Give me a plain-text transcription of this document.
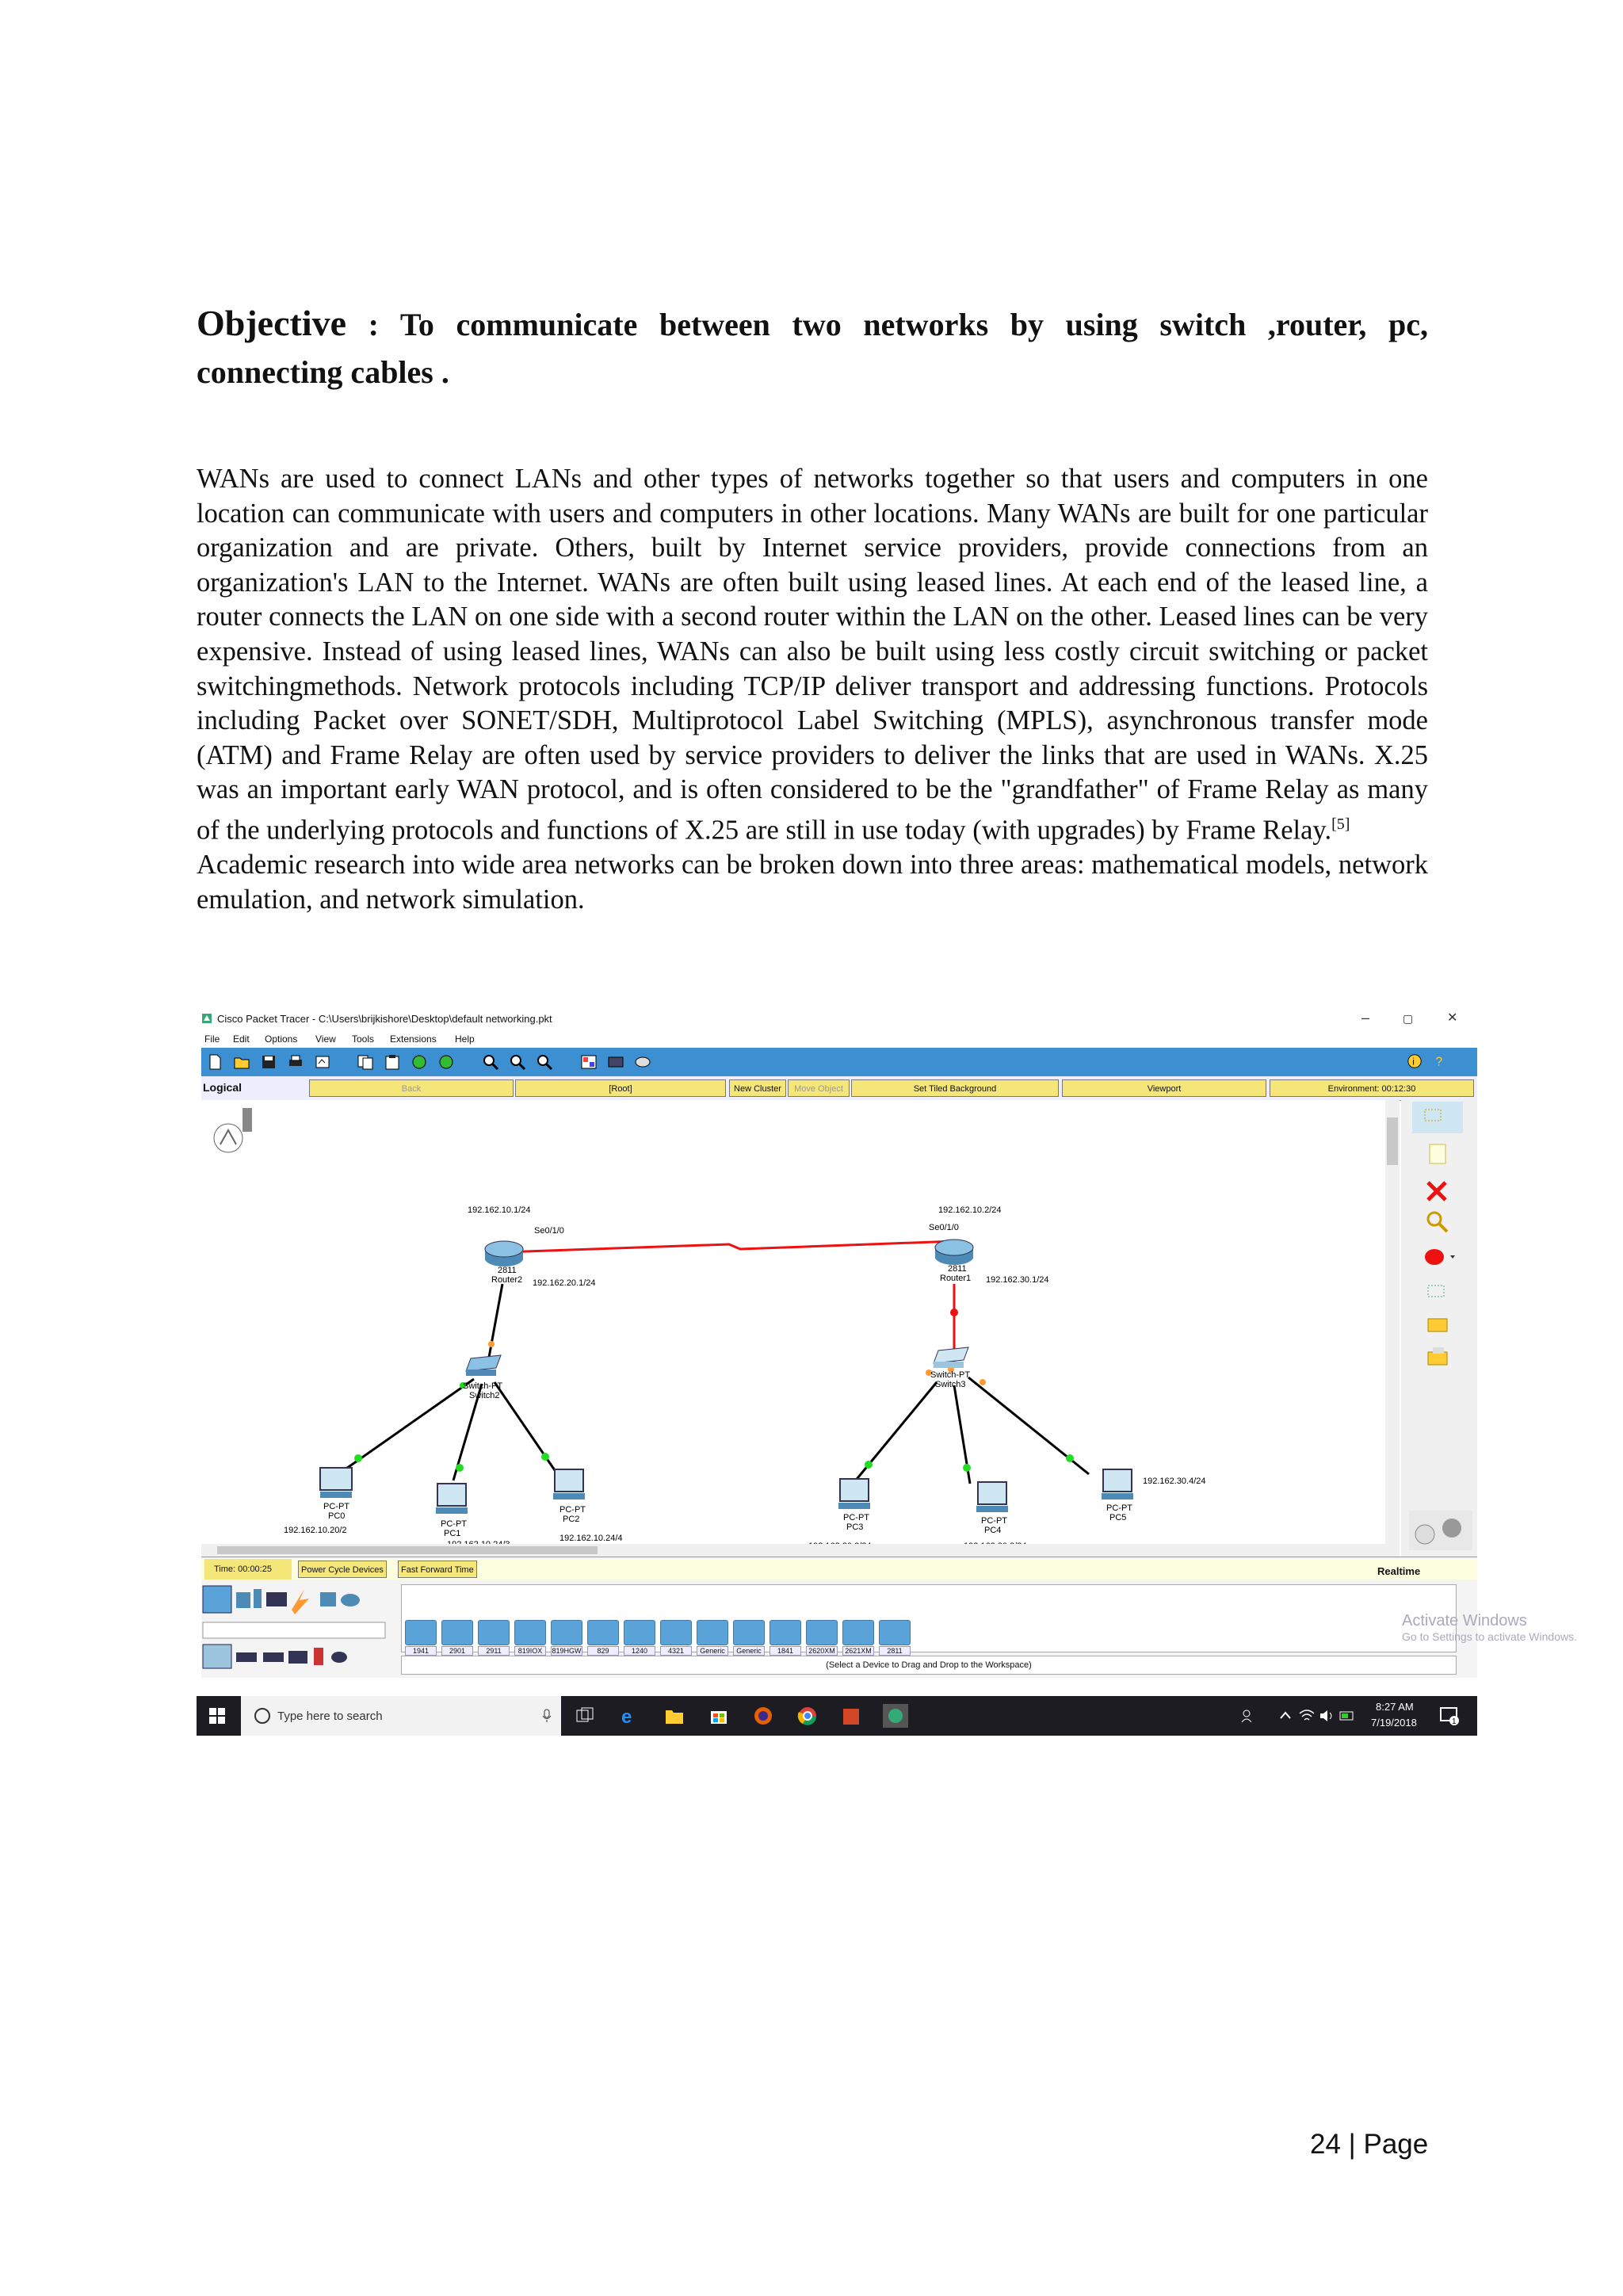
Objective : To communicate between two networks by using switch ,router, pc, connecting cables .

WANs are used to connect LANs and other types of networks together so that users and computers in one location can communicate with users and computers in other locations. Many WANs are built for one particular organization and are private. Others, built by Internet service providers, provide connections from an organization's LAN to the Internet. WANs are often built using leased lines. At each end of the leased line, a router connects the LAN on one side with a second router within the LAN on the other. Leased lines can be very expensive. Instead of using leased lines, WANs can also be built using less costly circuit switching or packet switchingmethods. Network protocols including TCP/IP deliver transport and addressing functions. Protocols including Packet over SONET/SDH, Multiprotocol Label Switching (MPLS), asynchronous transfer mode (ATM) and Frame Relay are often used by service providers to deliver the links that are used in WANs. X.25 was an important early WAN protocol, and is often considered to be the "grandfather" of Frame Relay as many of the underlying protocols and functions of X.25 are still in use today (with upgrades) by Frame Relay.[5]

Academic research into wide area networks can be broken down into three areas: mathematical models, network emulation, and network simulation.

Cisco Packet Tracer - C:\Users\brijkishore\Desktop\default networking.pkt	–	▢	✕
File Edit Options View Tools Extensions Help
i ?
Logical	Back	[Root]	New Cluster	Move Object	Set Tiled Background	Viewport	Environment: 00:12:30
192.162.10.1/24	192.162.10.2/24
Se0/1/0	Se0/1/0
2811
Router2 192.162.20.1/24
2811
Router1 192.162.30.1/24
Switch-PT
Switch2
Switch-PT
Switch3
PC-PT
PC0
192.162.10.20/2
PC-PT
PC1
PC-PT
PC2
192.162.10.24/4
PC-PT
PC3
PC-PT
PC4
PC-PT
PC5
192.162.30.4/24
Time: 00:00:25	Power Cycle Devices	Fast Forward Time	Realtime
1941	2901	2911	819IOX	819HGW	829	1240	4321	Generic	Generic	1841	2620XM	2621XM	2811
Activate Windows
Go to Settings to activate Windows.
(Select a Device to Drag and Drop to the Workspace)
Type here to search	e	8:27 AM
7/19/2018	1
24 | Page
